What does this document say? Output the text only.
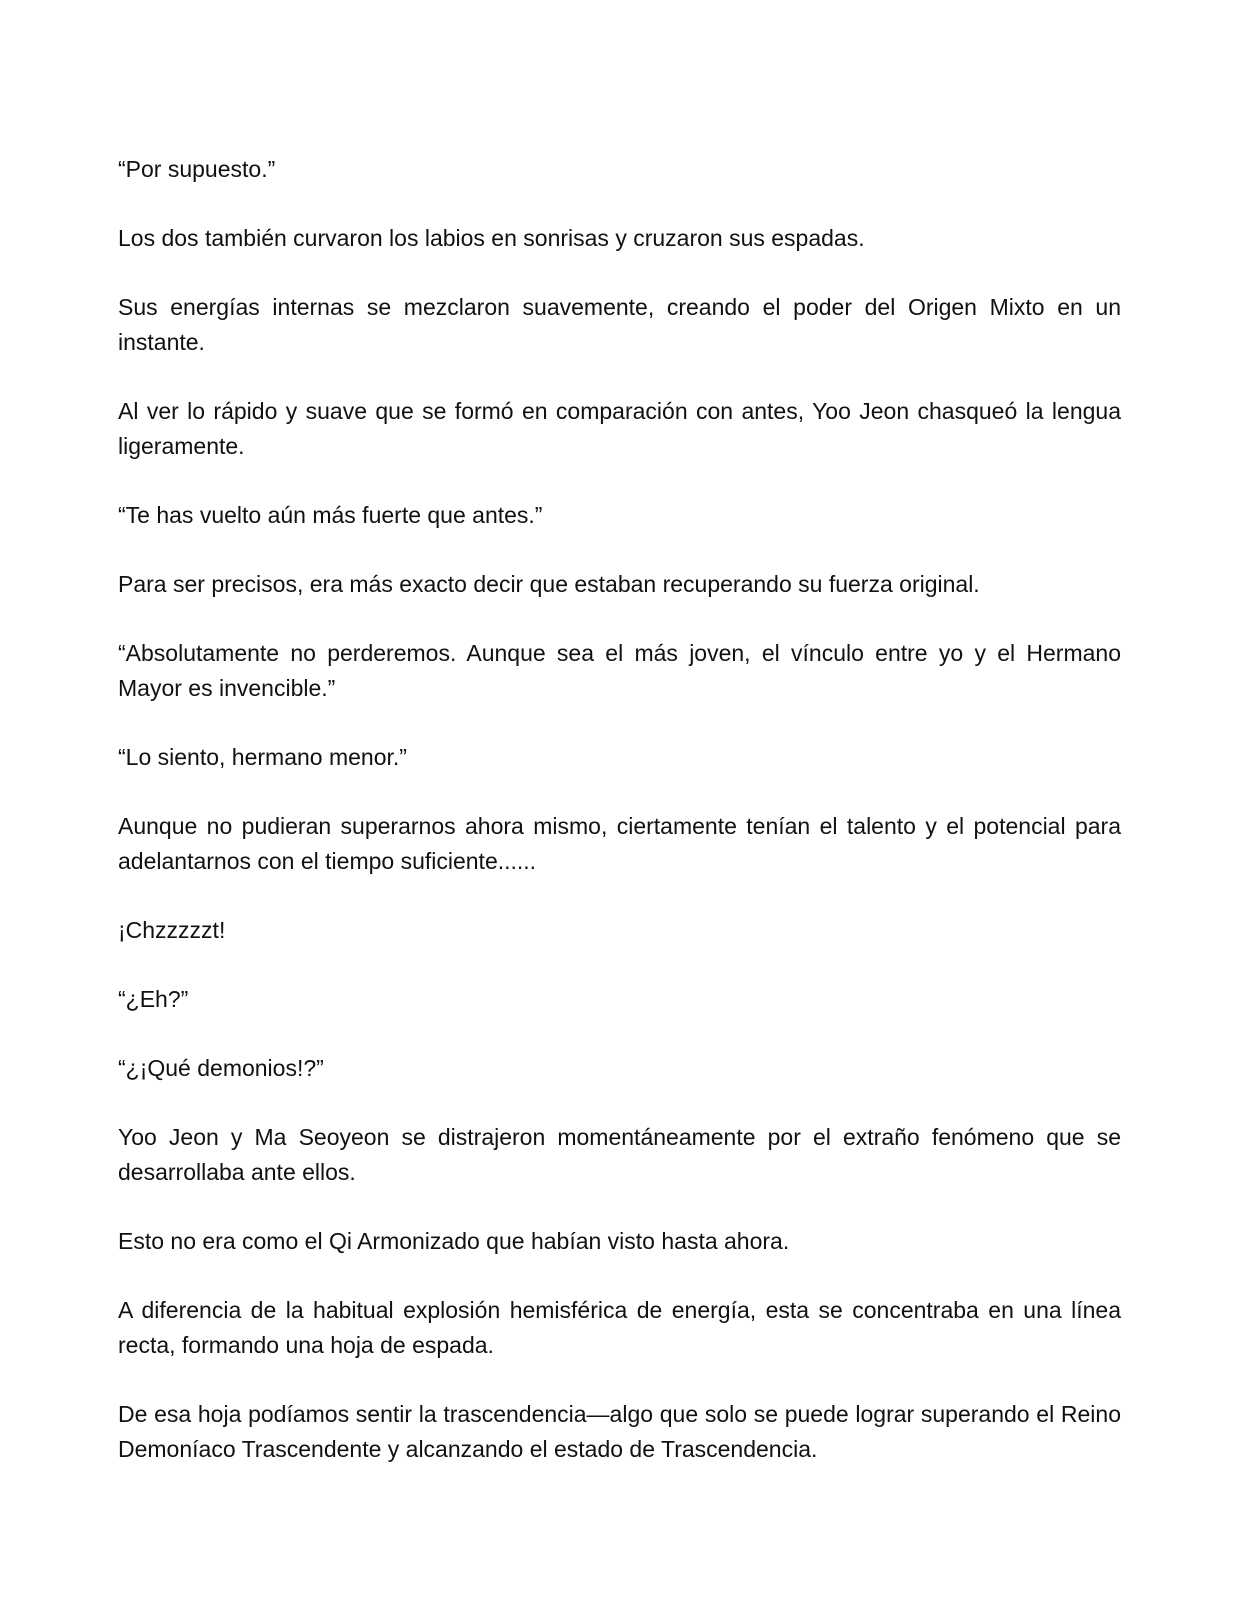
“Por supuesto.”

Los dos también curvaron los labios en sonrisas y cruzaron sus espadas.

Sus energías internas se mezclaron suavemente, creando el poder del Origen Mixto en un instante.

Al ver lo rápido y suave que se formó en comparación con antes, Yoo Jeon chasqueó la lengua ligeramente.

“Te has vuelto aún más fuerte que antes.”

Para ser precisos, era más exacto decir que estaban recuperando su fuerza original.

“Absolutamente no perderemos. Aunque sea el más joven, el vínculo entre yo y el Hermano Mayor es invencible.”

“Lo siento, hermano menor.”

Aunque no pudieran superarnos ahora mismo, ciertamente tenían el talento y el potencial para adelantarnos con el tiempo suficiente......

¡Chzzzzzt!

“¿Eh?”

“¿¡Qué demonios!?”

Yoo Jeon y Ma Seoyeon se distrajeron momentáneamente por el extraño fenómeno que se desarrollaba ante ellos.

Esto no era como el Qi Armonizado que habían visto hasta ahora.

A diferencia de la habitual explosión hemisférica de energía, esta se concentraba en una línea recta, formando una hoja de espada.

De esa hoja podíamos sentir la trascendencia—algo que solo se puede lograr superando el Reino Demoníaco Trascendente y alcanzando el estado de Trascendencia.
